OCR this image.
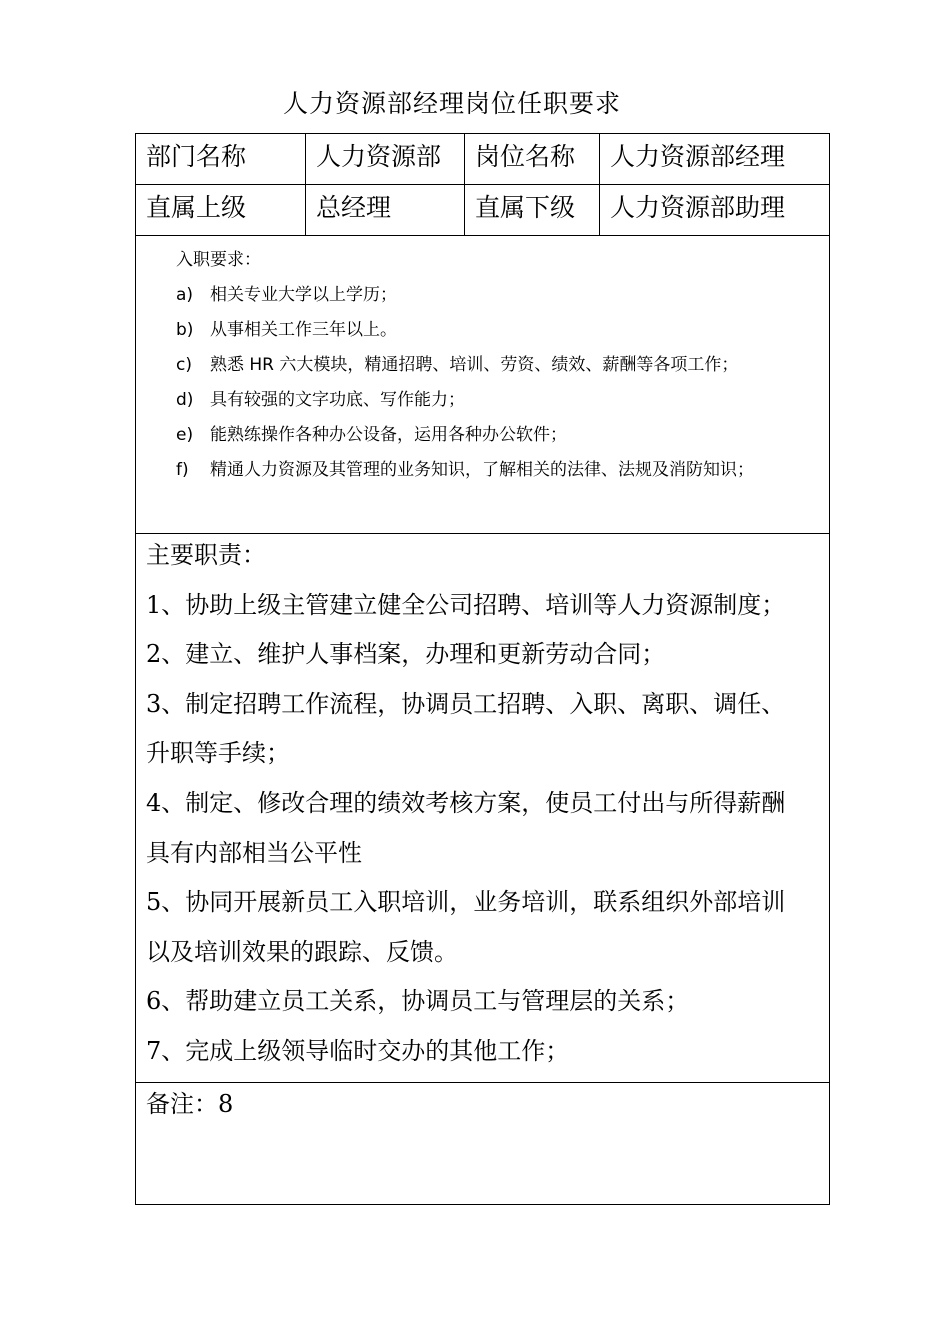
人力资源部经理岗位任职要求
部门名称	人力资源部	岗位名称	人力资源部经理
直属上级	总经理	直属下级	人力资源部助理
入职要求：
a) 相关专业大学以上学历；
b) 从事相关工作三年以上。
c)	熟悉 HR 六大模块，精通招聘、培训、劳资、绩效、薪酬等各项工作；
d) 具有较强的文字功底、写作能力；
e) 能熟练操作各种办公设备，运用各种办公软件；
f)	精通人力资源及其管理的业务知识，了解相关的法律、法规及消防知识；
主要职责：
1、协助上级主管建立健全公司招聘、培训等人力资源制度；
2、建立、维护人事档案，办理和更新劳动合同；
3、制定招聘工作流程，协调员工招聘、入职、离职、调任、
升职等手续；
4、制定、修改合理的绩效考核方案，使员工付出与所得薪酬
具有内部相当公平性
5、协同开展新员工入职培训，业务培训，联系组织外部培训
以及培训效果的跟踪、反馈。
6、帮助建立员工关系，协调员工与管理层的关系；
7、完成上级领导临时交办的其他工作；
备注：8
